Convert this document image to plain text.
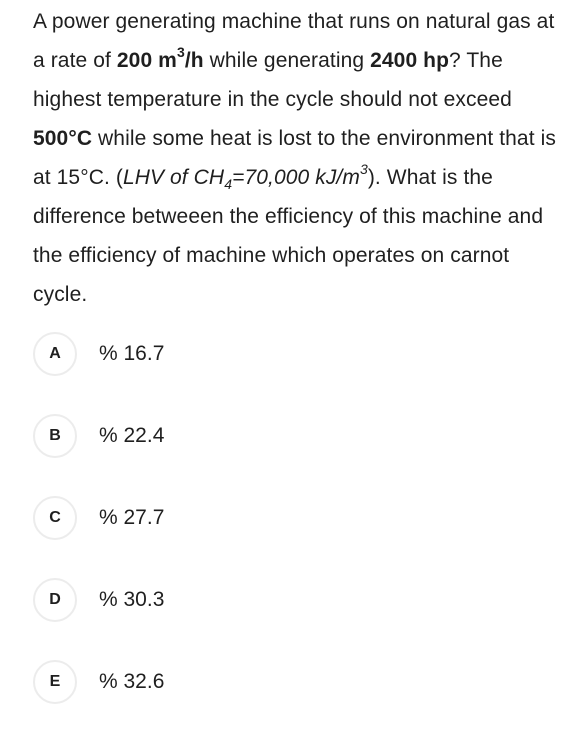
A power generating machine that runs on natural gas at a rate of 200 $m^3/h$ while generating 2400 hp? The highest temperature in the cycle should not exceed 500°C while some heat is lost to the environment that is at 15°C. (LHV of $CH_4=70,000$ $kJ/m^3$). What is the difference betweeen the efficiency of this machine and the efficiency of machine which operates on carnot cycle.
A	% 16.7
B	% 22.4
C	% 27.7
D	% 30.3
E	% 32.6
